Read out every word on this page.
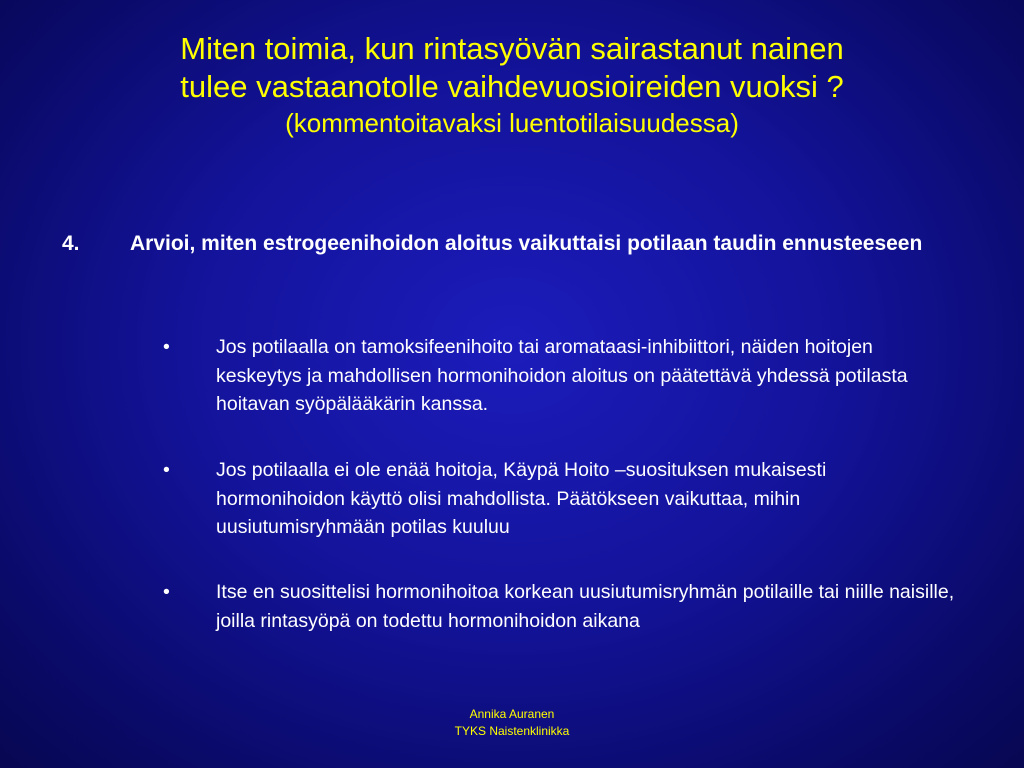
Miten toimia, kun rintasyövän sairastanut nainen
tulee vastaanotolle vaihdevuosioireiden vuoksi ?
(kommentoitavaksi luentotilaisuudessa)
4. Arvioi, miten estrogeenihoidon aloitus vaikuttaisi potilaan taudin ennusteeseen
• Jos potilaalla on tamoksifeenihoito tai aromataasi-inhibiittori, näiden hoitojen keskeytys ja mahdollisen hormonihoidon aloitus on päätettävä yhdessä potilasta hoitavan syöpälääkärin kanssa.
• Jos potilaalla ei ole enää hoitoja, Käypä Hoito –suosituksen mukaisesti hormonihoidon käyttö olisi mahdollista. Päätökseen vaikuttaa, mihin uusiutumisryhmään potilas kuuluu
• Itse en suosittelisi hormonihoitoa korkean uusiutumisryhmän potilaille tai niille naisille, joilla rintasyöpä on todettu hormonihoidon aikana
Annika Auranen
TYKS Naistenklinikka
